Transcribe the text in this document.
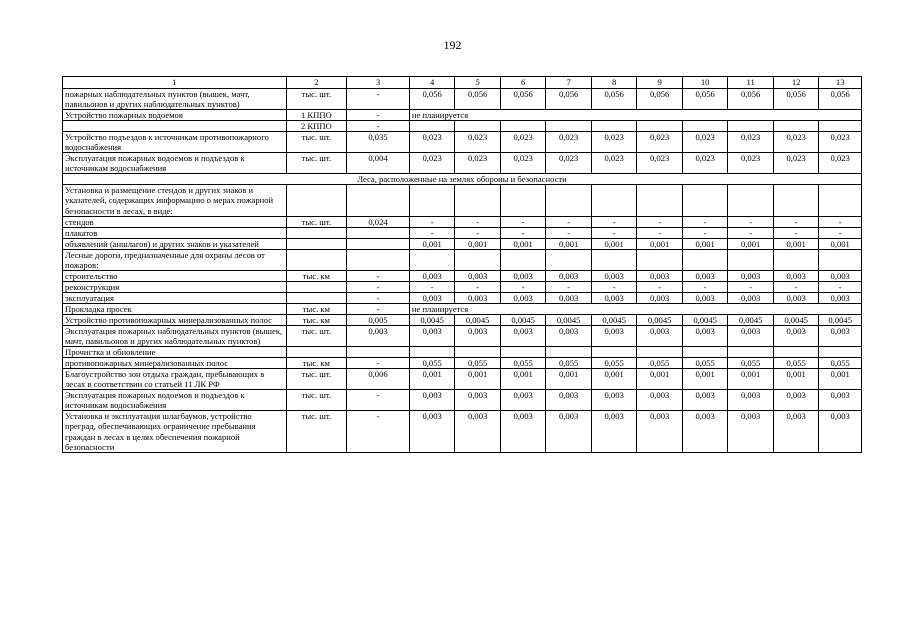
192
1	2	3	4	5	6	7	8	9	10	11	12	13
пожарных наблюдательных пунктов (вышек, мачт, павильонов и других наблюдательных пунктов)	тыс. шт.	-	0,056	0,056	0,056	0,056	0,056	0,056	0,056	0,056	0,056	0,056
Устройство пожарных водоемов	1 КППО	-	не планируется									
	2 КППО	-										
Устройство подъездов к источникам противопожарного водоснабжения	тыс. шт.	0,035	0,023	0,023	0,023	0,023	0,023	0,023	0,023	0,023	0,023	0,023
Эксплуатация пожарных водоемов и подъездов к источникам водоснабжения	тыс. шт.	0,004	0,023	0,023	0,023	0,023	0,023	0,023	0,023	0,023	0,023	0,023
Леса, расположенные на землях обороны и безопасности												
Установка и размещение стендов и других знаков и указателей, содержащих информацию о мерах пожарной безопасности в лесах, в виде:												
стендов	тыс. шт.	0,024	-	-	-	-	-	-	-	-	-	-
плакатов			-	-	-	-	-	-	-	-	-	-
объявлений (аншлагов) и других знаков и указателей			0,001	0,001	0,001	0,001	0,001	0,001	0,001	0,001	0,001	0,001
Лесные дороги, предназначенные для охраны лесов от пожаров:												
строительство	тыс. км	-	0,003	0,003	0,003	0,003	0,003	0,003	0,003	0,003	0,003	0,003
реконструкция		-	-	-	-	-	-	-	-	-	-	-
эксплуатация		-	0,003	0,003	0,003	0,003	0,003	0,003	0,003	0,003	0,003	0,003
Прокладка просек	тыс. км	-	не планируется									
Устройство противопожарных минерализованных полос	тыс. км	0,005	0,0045	0,0045	0,0045	0,0045	0,0045	0,0045	0,0045	0,0045	0,0045	0,0045
Эксплуатация пожарных наблюдательных пунктов (вышек, мачт, павильонов и других наблюдательных пунктов)	тыс. шт.	0,003	0,003	0,003	0,003	0,003	0,003	0,003	0,003	0,003	0,003	0,003
Прочистка и обновление												
противопожарных минерализованных полос	тыс. км	-	0,055	0,055	0,055	0,055	0,055	0,055	0,055	0,055	0,055	0,055
Благоустройство зон отдыха граждан, пребывающих в лесах в соответствии со статьей 11 ЛК РФ	тыс. шт.	0,006	0,001	0,001	0,001	0,001	0,001	0,001	0,001	0,001	0,001	0,001
Эксплуатация пожарных водоемов и подъездов к источникам водоснабжения	тыс. шт.	-	0,003	0,003	0,003	0,003	0,003	0,003	0,003	0,003	0,003	0,003
Установка и эксплуатация шлагбаумов, устройство преград, обеспечивающих ограничение пребывания граждан в лесах в целях обеспечения пожарной безопасности	тыс. шт.	-	0,003	0,003	0,003	0,003	0,003	0,003	0,003	0,003	0,003	0,003
